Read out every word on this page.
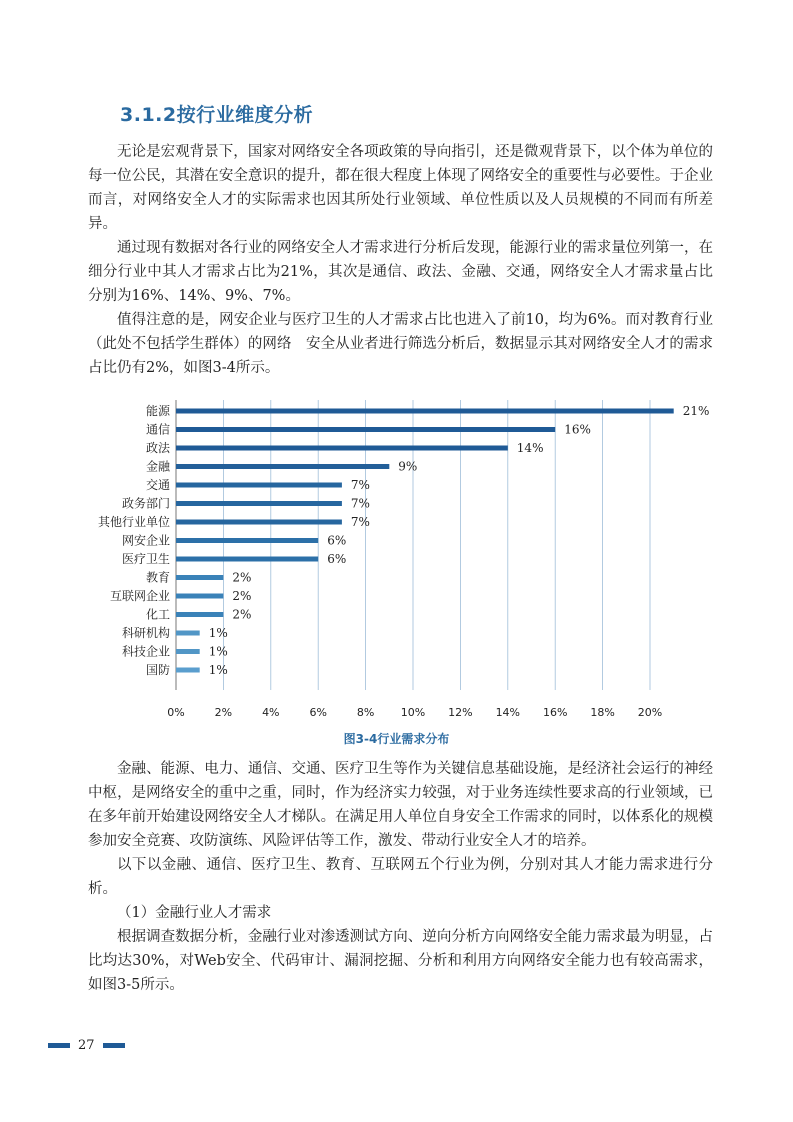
3.1.2按行业维度分析

无论是宏观背景下，国家对网络安全各项政策的导向指引，还是微观背景下，以个体为单位的每一位公民，其潜在安全意识的提升，都在很大程度上体现了网络安全的重要性与必要性。于企业而言，对网络安全人才的实际需求也因其所处行业领域、单位性质以及人员规模的不同而有所差异。

通过现有数据对各行业的网络安全人才需求进行分析后发现，能源行业的需求量位列第一，在细分行业中其人才需求占比为21%，其次是通信、政法、金融、交通，网络安全人才需求量占比分别为16%、14%、9%、7%。

值得注意的是，网安企业与医疗卫生的人才需求占比也进入了前10，均为6%。而对教育行业（此处不包括学生群体）的网络　安全从业者进行筛选分析后，数据显示其对网络安全人才的需求占比仍有2%，如图3-4所示。

0%	2%	4%	6%	8% 10% 12% 14% 16% 18% 20%
能源	21%
通信	16%
政法	14%
金融	9%
交通	7%
政务部门	7%
其他行业单位	7%
网安企业	6%
医疗卫生	6%
教育	2%
互联网企业	2%
化工	2%
科研机构	1%
科技企业	1%
国防	1%
图3-4行业需求分布

金融、能源、电力、通信、交通、医疗卫生等作为关键信息基础设施，是经济社会运行的神经中枢，是网络安全的重中之重，同时，作为经济实力较强，对于业务连续性要求高的行业领域，已在多年前开始建设网络安全人才梯队。在满足用人单位自身安全工作需求的同时，以体系化的规模参加安全竞赛、攻防演练、风险评估等工作，激发、带动行业安全人才的培养。

以下以金融、通信、医疗卫生、教育、互联网五个行业为例，分别对其人才能力需求进行分析。

（1）金融行业人才需求

根据调查数据分析，金融行业对渗透测试方向、逆向分析方向网络安全能力需求最为明显，占比均达30%，对Web安全、代码审计、漏洞挖掘、分析和利用方向网络安全能力也有较高需求，如图3-5所示。

27
